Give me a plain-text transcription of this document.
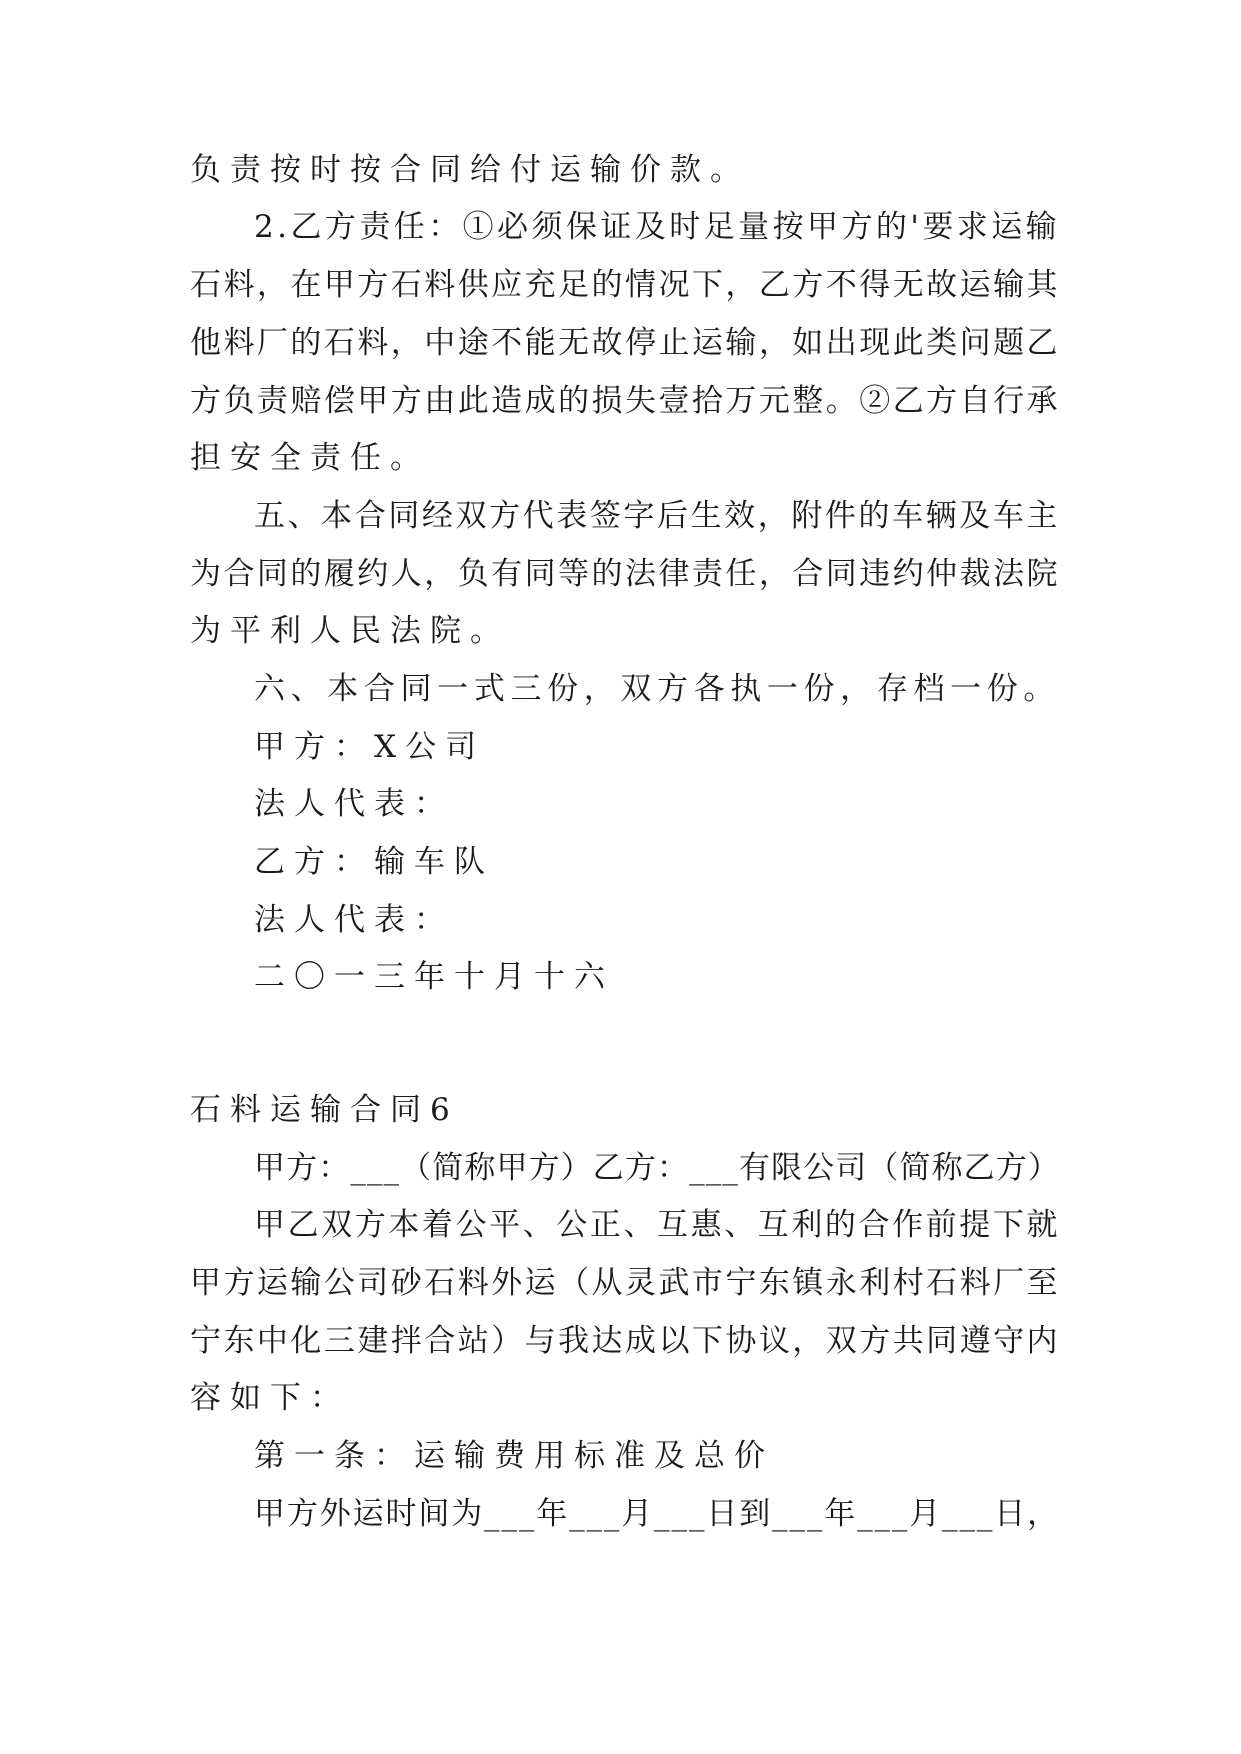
负责按时按合同给付运输价款。
2.乙方责任：①必须保证及时足量按甲方的'要求运输
石料，在甲方石料供应充足的情况下，乙方不得无故运输其
他料厂的石料，中途不能无故停止运输，如出现此类问题乙
方负责赔偿甲方由此造成的损失壹拾万元整。②乙方自行承
担安全责任。
五、本合同经双方代表签字后生效，附件的车辆及车主
为合同的履约人，负有同等的法律责任，合同违约仲裁法院
为平利人民法院。
六、本合同一式三份，双方各执一份，存档一份。
甲方：X公司
法人代表：
乙方：输车队
法人代表：
二〇一三年十月十六
石料运输合同6
甲方：___（简称甲方）乙方：___有限公司（简称乙方）
甲乙双方本着公平、公正、互惠、互利的合作前提下就
甲方运输公司砂石料外运（从灵武市宁东镇永利村石料厂至
宁东中化三建拌合站）与我达成以下协议，双方共同遵守内
容如下：
第一条：运输费用标准及总价
甲方外运时间为___年___月___日到___年___月___日，
